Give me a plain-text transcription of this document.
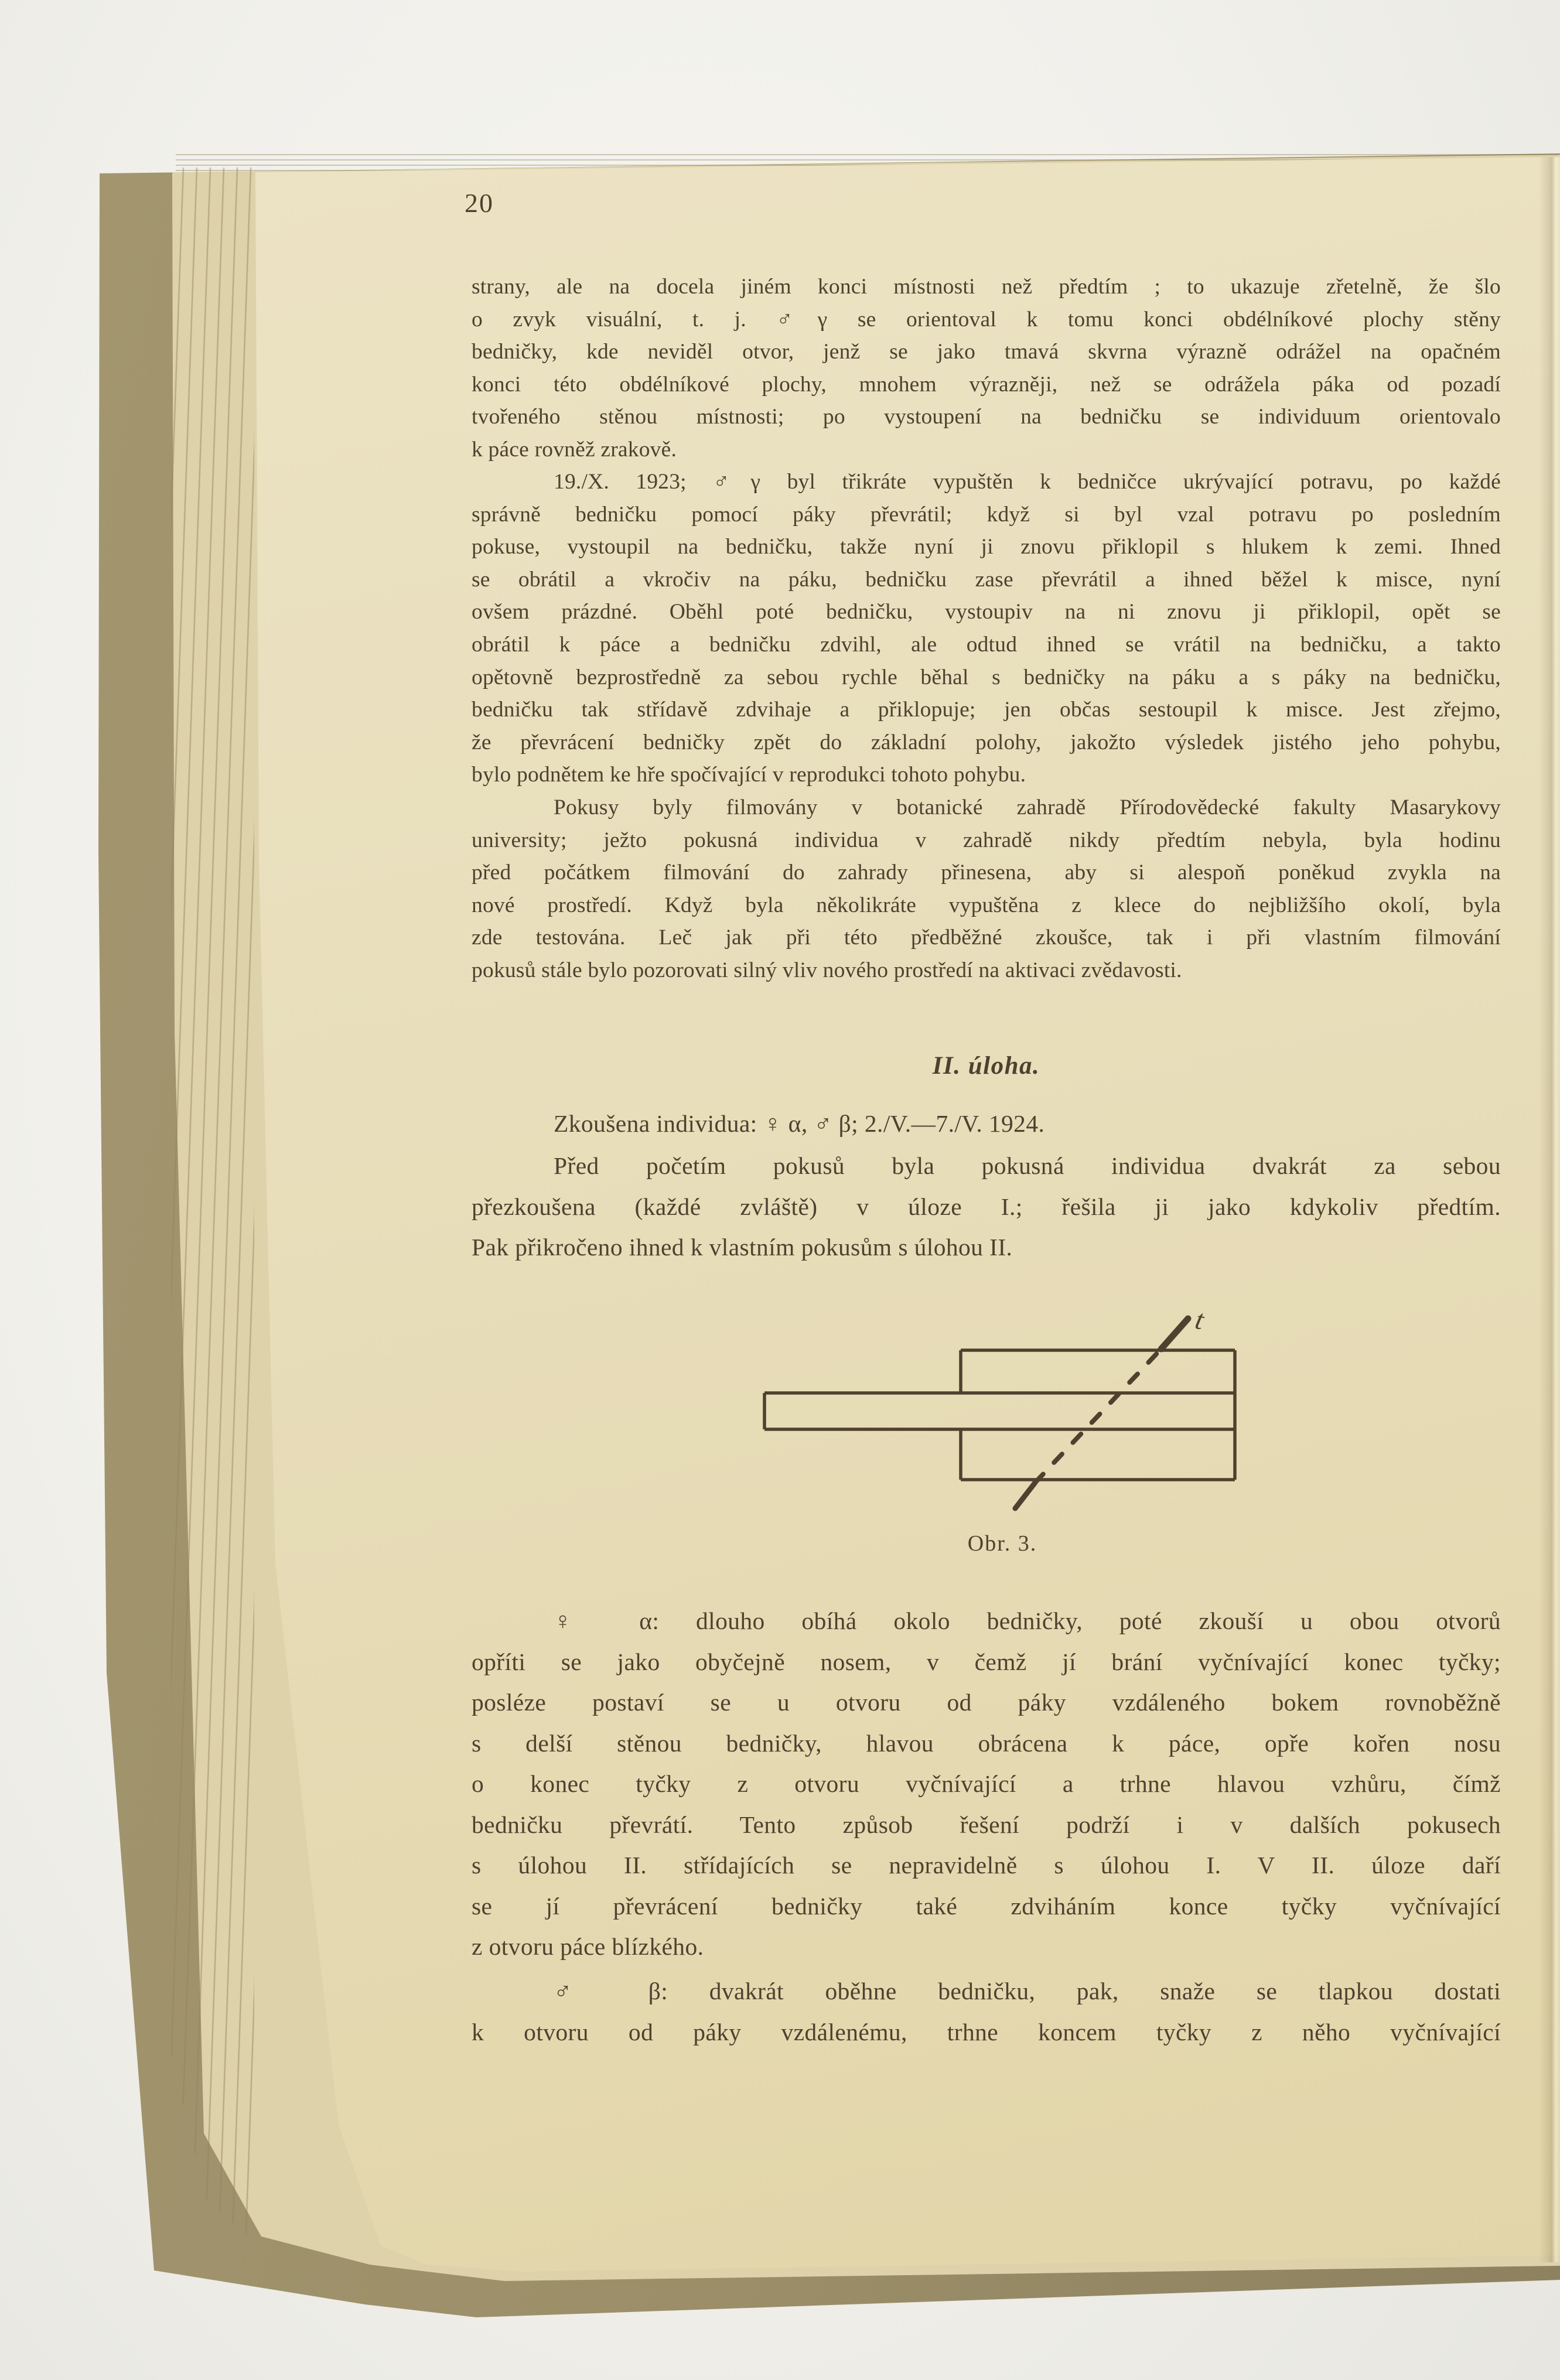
20
strany, ale na docela jiném konci místnosti než předtím ; to ukazuje zřetelně, že šlo
o zvyk visuální, t. j. ♂γ se orientoval k tomu konci obdélníkové plochy stěny
bedničky, kde neviděl otvor, jenž se jako tmavá skvrna výrazně odrážel na opačném
konci této obdélníkové plochy, mnohem výrazněji, než se odrážela páka od pozadí
tvořeného stěnou místnosti; po vystoupení na bedničku se individuum orientovalo
k páce rovněž zrakově.
19./X. 1923; ♂γ byl třikráte vypuštěn k bedničce ukrývající potravu, po každé
správně bedničku pomocí páky převrátil; když si byl vzal potravu po posledním
pokuse, vystoupil na bedničku, takže nyní ji znovu přiklopil s hlukem k zemi. Ihned
se obrátil a vkročiv na páku, bedničku zase převrátil a ihned běžel k misce, nyní
ovšem prázdné. Oběhl poté bedničku, vystoupiv na ni znovu ji přiklopil, opět se
obrátil k páce a bedničku zdvihl, ale odtud ihned se vrátil na bedničku, a takto
opětovně bezprostředně za sebou rychle běhal s bedničky na páku a s páky na bedničku,
bedničku tak střídavě zdvihaje a přiklopuje; jen občas sestoupil k misce. Jest zřejmo,
že převrácení bedničky zpět do základní polohy, jakožto výsledek jistého jeho pohybu,
bylo podnětem ke hře spočívající v reprodukci tohoto pohybu.
Pokusy byly filmovány v botanické zahradě Přírodovědecké fakulty Masarykovy
university; ježto pokusná individua v zahradě nikdy předtím nebyla, byla hodinu
před počátkem filmování do zahrady přinesena, aby si alespoň poněkud zvykla na
nové prostředí. Když byla několikráte vypuštěna z klece do nejbližšího okolí, byla
zde testována. Leč jak při této předběžné zkoušce, tak i při vlastním filmování
pokusů stále bylo pozorovati silný vliv nového prostředí na aktivaci zvědavosti.
II. úloha.
Zkoušena individua: ♀ α, ♂ β; 2./V.—7./V. 1924.
Před početím pokusů byla pokusná individua dvakrát za sebou
přezkoušena (každé zvláště) v úloze I.; řešila ji jako kdykoliv předtím.
Pak přikročeno ihned k vlastním pokusům s úlohou II.
t
Obr. 3.
♀ α: dlouho obíhá okolo bedničky, poté zkouší u obou otvorů
opříti se jako obyčejně nosem, v čemž jí brání vyčnívající konec tyčky;
posléze postaví se u otvoru od páky vzdáleného bokem rovnoběžně
s delší stěnou bedničky, hlavou obrácena k páce, opře kořen nosu
o konec tyčky z otvoru vyčnívající a trhne hlavou vzhůru, čímž
bedničku převrátí. Tento způsob řešení podrží i v dalších pokusech
s úlohou II. střídajících se nepravidelně s úlohou I. V II. úloze daří
se jí převrácení bedničky také zdviháním konce tyčky vyčnívající
z otvoru páce blízkého.
♂ β: dvakrát oběhne bedničku, pak, snaže se tlapkou dostati
k otvoru od páky vzdálenému, trhne koncem tyčky z něho vyčnívající
